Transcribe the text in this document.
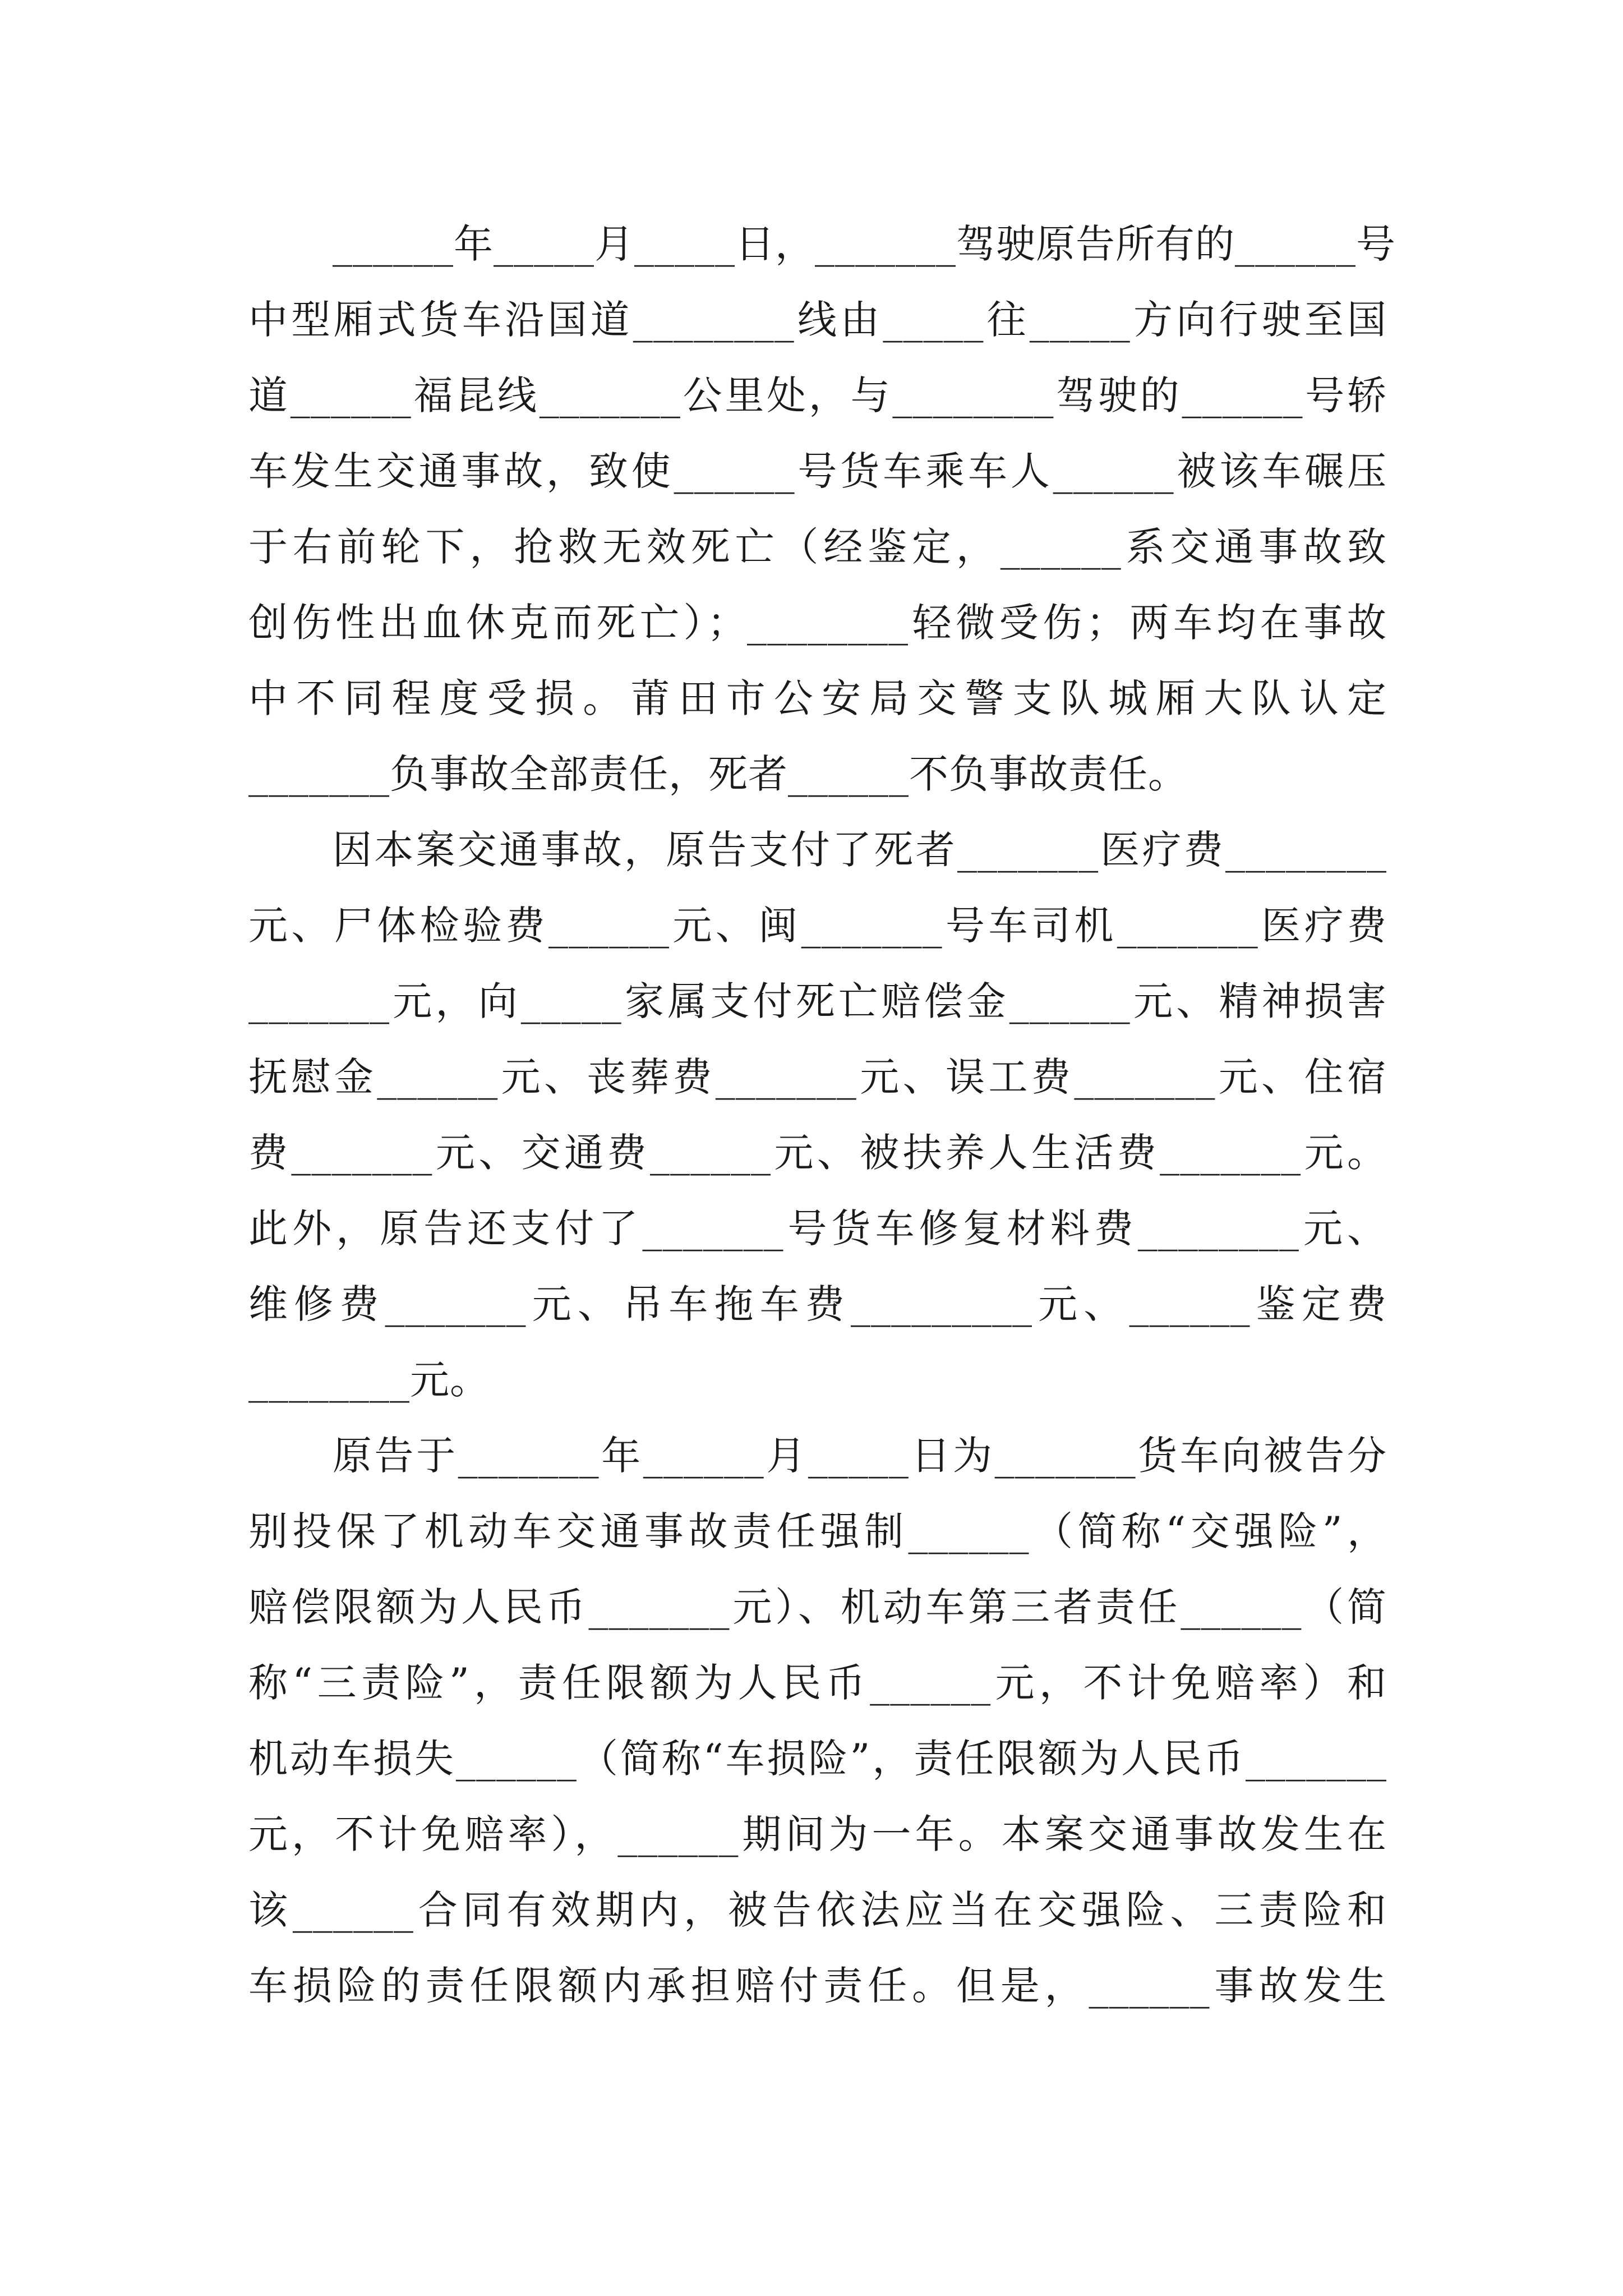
______年_____月_____日，_______驾驶原告所有的______号

中型厢式货车沿国道________线由_____往_____方向行驶至国

道______福昆线_______公里处，与________驾驶的______号轿

车发生交通事故，致使______号货车乘车人______被该车碾压

于右前轮下，抢救无效死亡（经鉴定，______系交通事故致

创伤性出血休克而死亡）；________轻微受伤；两车均在事故

中不同程度受损。莆田市公安局交警支队城厢大队认定

_______负事故全部责任，死者______不负事故责任。

因本案交通事故，原告支付了死者_______医疗费________

元、尸体检验费______元、闽_______号车司机_______医疗费

_______元，向_____家属支付死亡赔偿金______元、精神损害

抚慰金______元、丧葬费_______元、误工费_______元、住宿

费_______元、交通费______元、被扶养人生活费_______元。

此外，原告还支付了_______号货车修复材料费________元、

维修费_______元、吊车拖车费_________元、______鉴定费

________元。

原告于_______年______月_____日为_______货车向被告分

别投保了机动车交通事故责任强制______（简称“交强险”，

赔偿限额为人民币_______元）、机动车第三者责任______（简

称“三责险”，责任限额为人民币______元，不计免赔率）和

机动车损失______（简称“车损险”，责任限额为人民币_______

元，不计免赔率），______期间为一年。本案交通事故发生在

该______合同有效期内，被告依法应当在交强险、三责险和

车损险的责任限额内承担赔付责任。但是，______事故发生
